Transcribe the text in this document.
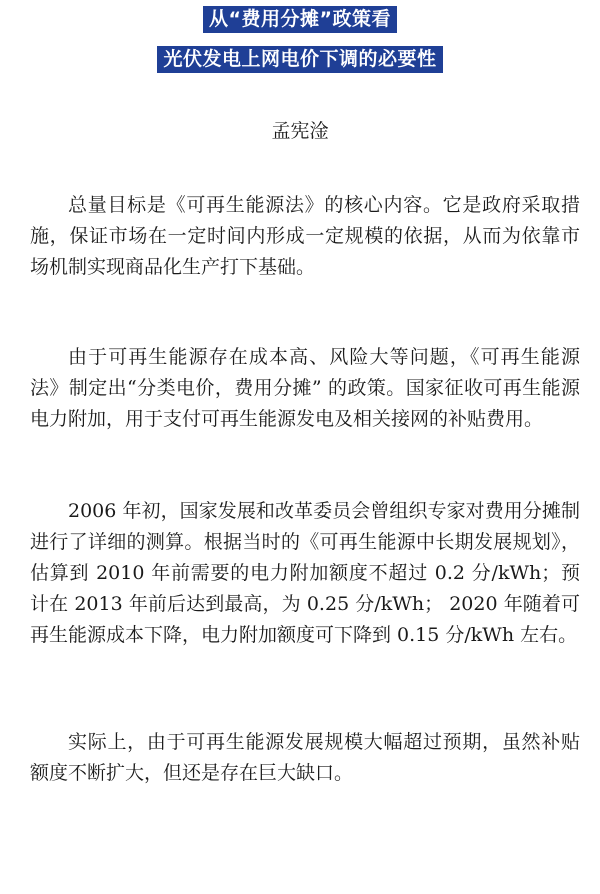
从“费用分摊”政策看
光伏发电上网电价下调的必要性
孟宪淦

总量目标是《可再生能源法》的核心内容。它是政府采取措施，保证市场在一定时间内形成一定规模的依据，从而为依靠市场机制实现商品化生产打下基础。

由于可再生能源存在成本高、风险大等问题，《可再生能源法》制定出“分类电价，费用分摊” 的政策。国家征收可再生能源电力附加，用于支付可再生能源发电及相关接网的补贴费用。

2006 年初，国家发展和改革委员会曾组织专家对费用分摊制进行了详细的测算。根据当时的《可再生能源中长期发展规划》，估算到 2010 年前需要的电力附加额度不超过 0.2 分/kWh；预计在 2013 年前后达到最高，为 0.25 分/kWh； 2020 年随着可再生能源成本下降，电力附加额度可下降到 0.15 分/kWh 左右。

实际上，由于可再生能源发展规模大幅超过预期，虽然补贴额度不断扩大，但还是存在巨大缺口。
